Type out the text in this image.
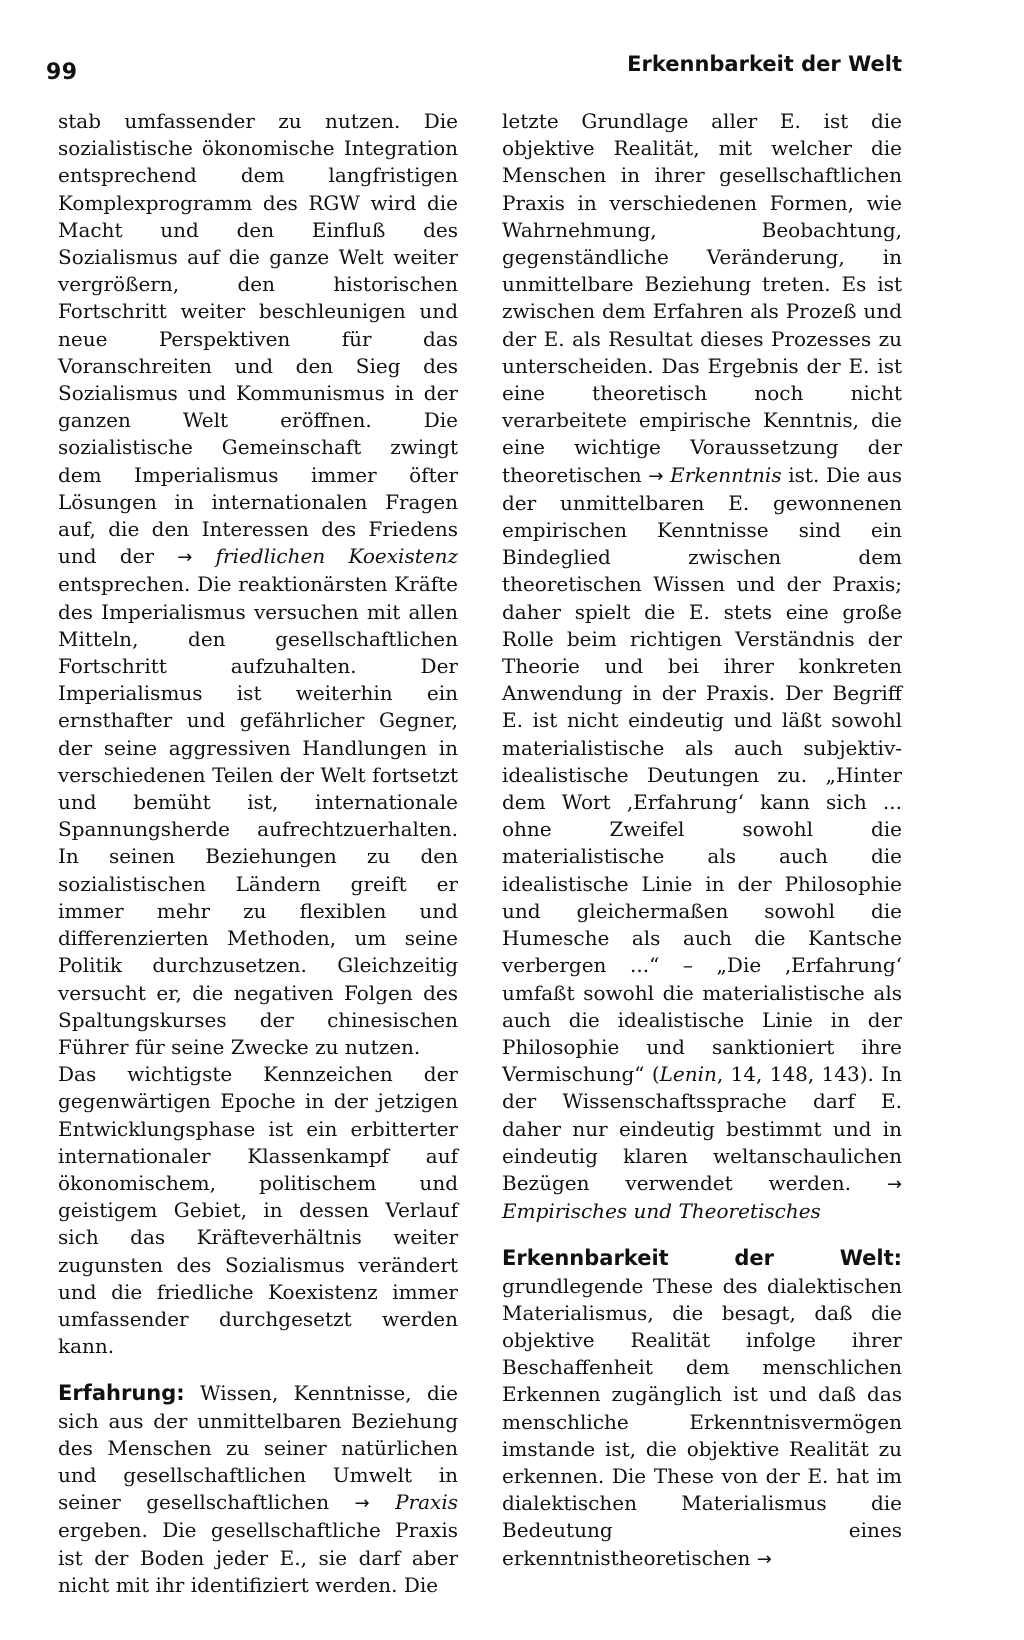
99	Erkennbarkeit der Welt

stab umfassender zu nutzen. Die sozialistische ökonomische Integration entsprechend dem langfristigen Komplexprogramm des RGW wird die Macht und den Einfluß des Sozialismus auf die ganze Welt weiter vergrößern, den historischen Fortschritt weiter beschleunigen und neue Perspektiven für das Voranschreiten und den Sieg des Sozialismus und Kommunismus in der ganzen Welt eröffnen. Die sozialistische Gemeinschaft zwingt dem Imperialismus immer öfter Lösungen in internationalen Fragen auf, die den Interessen des Friedens und der → friedlichen Koexistenz entsprechen. Die reaktionärsten Kräfte des Imperialismus versuchen mit allen Mitteln, den gesellschaftlichen Fortschritt aufzuhalten. Der Imperialismus ist weiterhin ein ernsthafter und gefährlicher Gegner, der seine aggressiven Handlungen in verschiedenen Teilen der Welt fortsetzt und bemüht ist, internationale Spannungsherde aufrechtzuerhalten. In seinen Beziehungen zu den sozialistischen Ländern greift er immer mehr zu flexiblen und differenzierten Methoden, um seine Politik durchzusetzen. Gleichzeitig versucht er, die negativen Folgen des Spaltungskurses der chinesischen Führer für seine Zwecke zu nutzen.

Das wichtigste Kennzeichen der gegenwärtigen Epoche in der jetzigen Entwicklungsphase ist ein erbitterter internationaler Klassenkampf auf ökonomischem, politischem und geistigem Gebiet, in dessen Verlauf sich das Kräfteverhältnis weiter zugunsten des Sozialismus verändert und die friedliche Koexistenz immer umfassender durchgesetzt werden kann.

Erfahrung: Wissen, Kenntnisse, die sich aus der unmittelbaren Beziehung des Menschen zu seiner natürlichen und gesellschaftlichen Umwelt in seiner gesellschaftlichen → Praxis ergeben. Die gesellschaftliche Praxis ist der Boden jeder E., sie darf aber nicht mit ihr identifiziert werden. Die

letzte Grundlage aller E. ist die objektive Realität, mit welcher die Menschen in ihrer gesellschaftlichen Praxis in verschiedenen Formen, wie Wahrnehmung, Beobachtung, gegenständliche Veränderung, in unmittelbare Beziehung treten. Es ist zwischen dem Erfahren als Prozeß und der E. als Resultat dieses Prozesses zu unterscheiden. Das Ergebnis der E. ist eine theoretisch noch nicht verarbeitete empirische Kenntnis, die eine wichtige Voraussetzung der theoretischen → Erkenntnis ist. Die aus der unmittelbaren E. gewonnenen empirischen Kenntnisse sind ein Bindeglied zwischen dem theoretischen Wissen und der Praxis; daher spielt die E. stets eine große Rolle beim richtigen Verständnis der Theorie und bei ihrer konkreten Anwendung in der Praxis. Der Begriff E. ist nicht eindeutig und läßt sowohl materialistische als auch subjektiv-idealistische Deutungen zu. „Hinter dem Wort ‚Erfahrung‘ kann sich ... ohne Zweifel sowohl die materialistische als auch die idealistische Linie in der Philosophie und gleichermaßen sowohl die Humesche als auch die Kantsche verbergen ...“ – „Die ‚Erfahrung‘ umfaßt sowohl die materialistische als auch die idealistische Linie in der Philosophie und sanktioniert ihre Vermischung“ (Lenin, 14, 148, 143). In der Wissenschaftssprache darf E. daher nur eindeutig bestimmt und in eindeutig klaren weltanschaulichen Bezügen verwendet werden. → Empirisches und Theoretisches

Erkennbarkeit der Welt: grundlegende These des dialektischen Materialismus, die besagt, daß die objektive Realität infolge ihrer Beschaffenheit dem menschlichen Erkennen zugänglich ist und daß das menschliche Erkenntnisvermögen imstande ist, die objektive Realität zu erkennen. Die These von der E. hat im dialektischen Materialismus die Bedeutung eines erkenntnistheoretischen →
